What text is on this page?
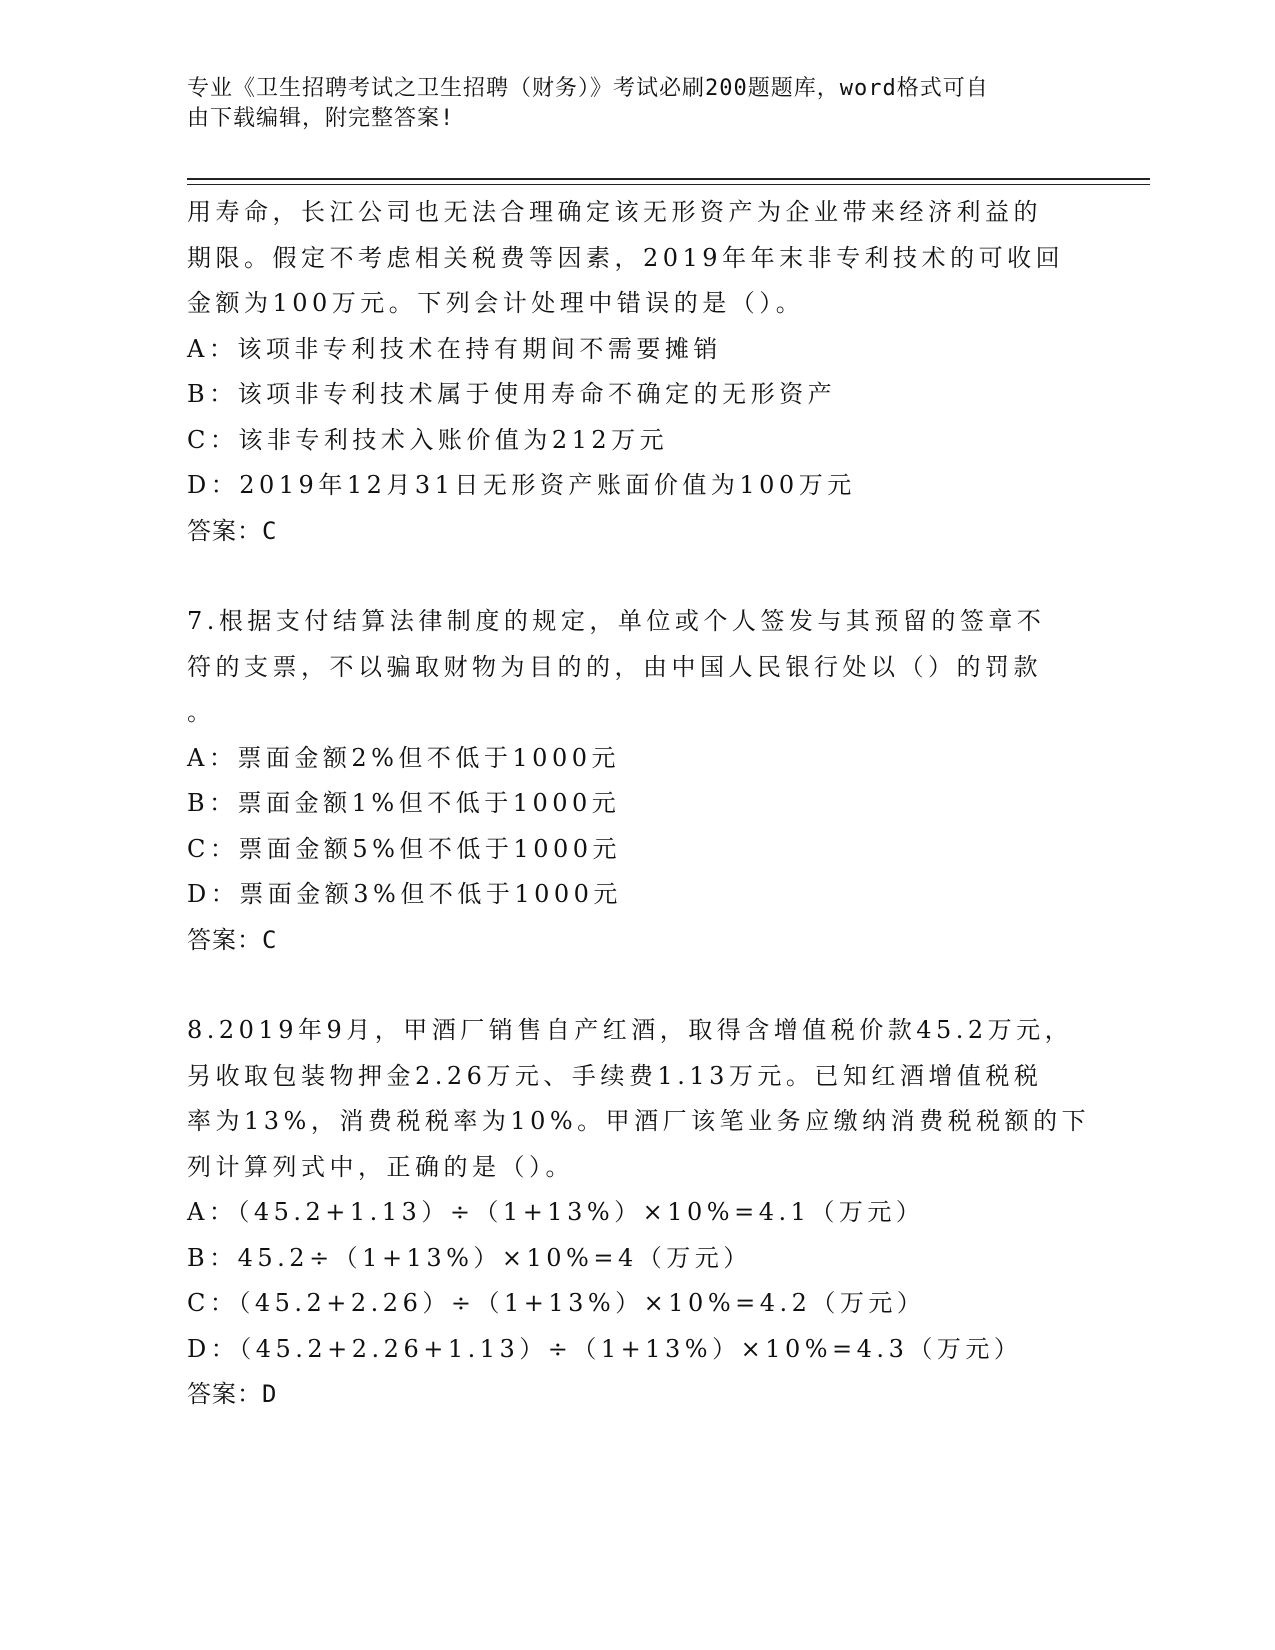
专业《卫生招聘考试之卫生招聘（财务）》考试必刷200题题库，word格式可自
由下载编辑，附完整答案!
用寿命，长江公司也无法合理确定该无形资产为企业带来经济利益的
期限。假定不考虑相关税费等因素，2019年年末非专利技术的可收回
金额为100万元。下列会计处理中错误的是（）。
A：该项非专利技术在持有期间不需要摊销
B：该项非专利技术属于使用寿命不确定的无形资产
C：该非专利技术入账价值为212万元
D：2019年12月31日无形资产账面价值为100万元
答案：C
7.根据支付结算法律制度的规定，单位或个人签发与其预留的签章不
符的支票，不以骗取财物为目的的，由中国人民银行处以（）的罚款
。
A：票面金额2%但不低于1000元
B：票面金额1%但不低于1000元
C：票面金额5%但不低于1000元
D：票面金额3%但不低于1000元
答案：C
8.2019年9月，甲酒厂销售自产红酒，取得含增值税价款45.2万元，
另收取包装物押金2.26万元、手续费1.13万元。已知红酒增值税税
率为13%，消费税税率为10%。甲酒厂该笔业务应缴纳消费税税额的下
列计算列式中，正确的是（）。
A：（45.2+1.13）÷（1+13%）×10%=4.1（万元）
B：45.2÷（1+13%）×10%=4（万元）
C：（45.2+2.26）÷（1+13%）×10%=4.2（万元）
D：（45.2+2.26+1.13）÷（1+13%）×10%=4.3（万元）
答案：D
